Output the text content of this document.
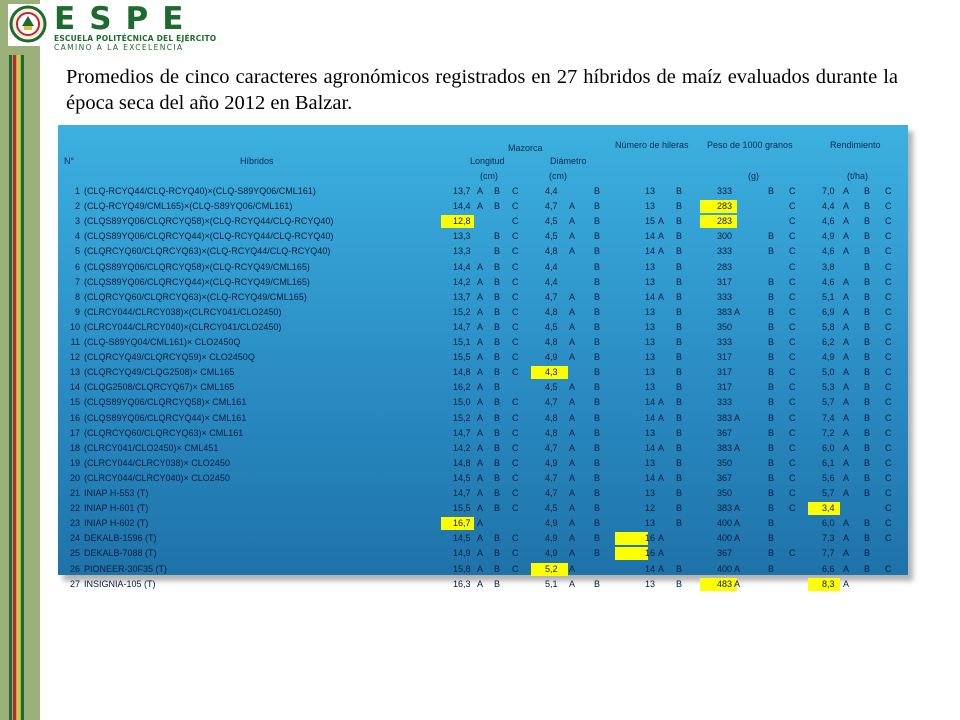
ESPE
ESCUELA POLITÉCNICA DEL EJÉRCITO
CAMINO A LA EXCELENCIA
Promedios de cinco caracteres agronómicos registrados en 27 híbridos de maíz evaluados durante la época seca del año 2012 en Balzar.
Mazorca	Número de hileras Peso de 1000 granos	Rendimiento
N°	Híbridos	Longitud	Diámetro
(cm)	(cm)	(g)	(t/ha)
1 (CLQ-RCYQ44/CLQ-RCYQ40)×(CLQ-S89YQ06/CML161)	13,7 A B C	4,4	B	13 B	333	B C	7,0 A B C
2 (CLQ-RCYQ49/CML165)×(CLQ-S89YQ06/CML161)	14,4 A B C	4,7 A B	13 B	283	C	4,4 A B C
3 (CLQS89YQ06/CLQRCYQ58)×(CLQ-RCYQ44/CLQ-RCYQ40)	12,8	C	4,5 A B	15 A B	283	C	4,6 A B C
4 (CLQS89YQ06/CLQRCYQ44)×(CLQ-RCYQ44/CLQ-RCYQ40)	13,3	B C	4,5 A B	14 A B	300	B C	4,9 A B C
5 (CLQRCYQ60/CLQRCYQ63)×(CLQ-RCYQ44/CLQ-RCYQ40)	13,3	B C	4,8 A B	14 A B	333	B C	4,6 A B C
6 (CLQS89YQ06/CLQRCYQ58)×(CLQ-RCYQ49/CML165)	14,4 A B C	4,4	B	13 B	283	C	3,8	B C
7 (CLQS89YQ06/CLQRCYQ44)×(CLQ-RCYQ49/CML165)	14,2 A B C	4,4	B	13 B	317	B C	4,6 A B C
8 (CLQRCYQ60/CLQRCYQ63)×(CLQ-RCYQ49/CML165)	13,7 A B C	4,7 A B	14 A B	333	B C	5,1 A B C
9 (CLRCY044/CLRCY038)×(CLRCY041/CLO2450)	15,2 A B C	4,8 A B	13 B	383 A	B C	6,9 A B C
10 (CLRCY044/CLRCY040)×(CLRCY041/CLO2450)	14,7 A B C	4,5 A B	13 B	350	B C	5,8 A B C
11 (CLQ-S89YQ04/CML161)× CLO2450Q	15,1 A B C	4,8 A B	13 B	333	B C	6,2 A B C
12 (CLQRCYQ49/CLQRCYQ59)× CLO2450Q	15,5 A B C	4,9 A B	13 B	317	B C	4,9 A B C
13 (CLQRCYQ49/CLQG2508)× CML165	14,8 A B C	4,3	B	13 B	317	B C	5,0 A B C
14 (CLQG2508/CLQRCYQ67)× CML165	16,2 A B	4,5 A B	13 B	317	B C	5,3 A B C
15 (CLQS89YQ06/CLQRCYQ58)× CML161	15,0 A B C	4,7 A B	14 A B	333	B C	5,7 A B C
16 (CLQS89YQ06/CLQRCYQ44)× CML161	15,2 A B C	4,8 A B	14 A B	383 A	B C	7,4 A B C
17 (CLQRCYQ60/CLQRCYQ63)× CML161	14,7 A B C	4,8 A B	13 B	367	B C	7,2 A B C
18 (CLRCY041/CLO2450)× CML451	14,2 A B C	4,7 A B	14 A B	383 A	B C	6,0 A B C
19 (CLRCY044/CLRCY038)× CLO2450	14,8 A B C	4,9 A B	13 B	350	B C	6,1 A B C
20 (CLRCY044/CLRCY040)× CLO2450	14,5 A B C	4,7 A B	14 A B	367	B C	5,6 A B C
21 INIAP H-553 (T)	14,7 A B C	4,7 A B	13 B	350	B C	5,7 A B C
22 INIAP H-601 (T)	15,5 A B C	4,5 A B	12 B	383 A	B C	3,4	C
23 INIAP H-602 (T)	16,7 A	4,9 A B	13 B	400 A	B	6,0 A B C
24 DEKALB-1596 (T)	14,5 A B C	4,9 A B	16 A	400 A	B	7,3 A B C
25 DEKALB-7088 (T)	14,9 A B C	4,9 A B	16 A	367	B C	7,7 A B
26 PIONEER-30F35 (T)	15,8 A B C	5,2 A	14 A B	400 A	B	6,6 A B C
27 INSIGNIA-105 (T)	16,3 A B	5,1 A B	13 B	483 A	8,3 A
